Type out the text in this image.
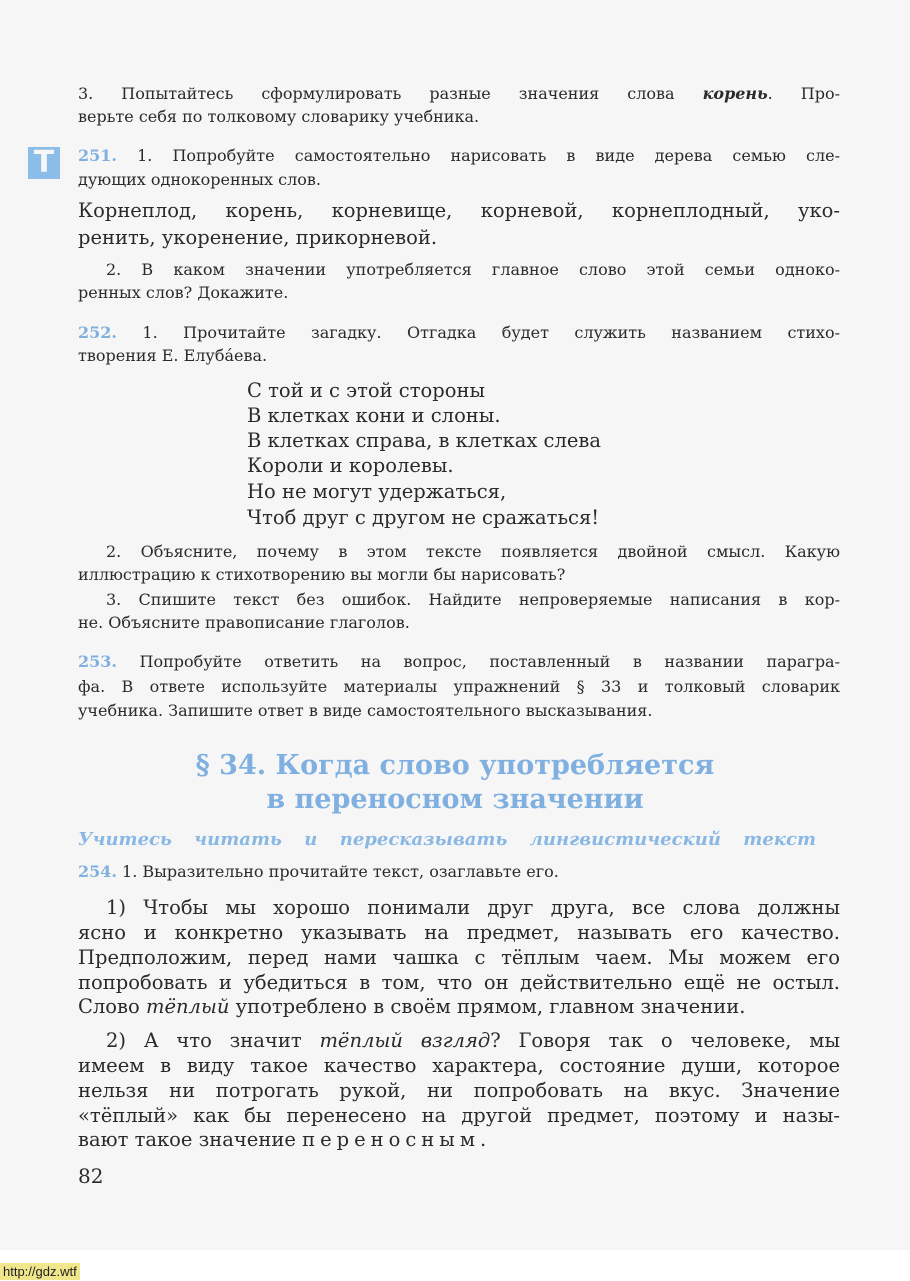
3. Попытайтесь сформулировать разные значения слова корень. Про-
верьте себя по толковому словарику учебника.
Т	251. 1. Попробуйте самостоятельно нарисовать в виде дерева семью сле-
дующих однокоренных слов.
Корнеплод, корень, корневище, корневой, корнеплодный, уко-
ренить, укоренение, прикорневой.
2. В каком значении употребляется главное слово этой семьи однoко-
ренных слов? Докажите.
252. 1. Прочитайте загадку. Отгадка будет служить названием стихо-
творения Е. Елубáева.
С той и с этой стороны
В клетках кони и слоны.
В клетках справа, в клетках слева
Короли и королевы.
Но не могут удержаться,
Чтоб друг с другом не сражаться!
2. Объясните, почему в этом тексте появляется двойной смысл. Какую
иллюстрацию к стихотворению вы могли бы нарисовать?
3. Спишите текст без ошибок. Найдите непроверяемые написания в кор-
не. Объясните правописание глаголов.
253. Попробуйте ответить на вопрос, поставленный в названии парагра-
фа. В ответе используйте материалы упражнений § 33 и толковый словарик
учебника. Запишите ответ в виде самостоятельного высказывания.
§ 34. Когда слово употребляется
в переносном значении
Учитесь читать и пересказывать лингвистический текст
254. 1. Выразительно прочитайте текст, озаглавьте его.
1) Чтобы мы хорошо понимали друг друга, все слова должны
ясно и конкретно указывать на предмет, называть его качество.
Предположим, перед нами чашка с тёплым чаем. Мы можем его
попробовать и убедиться в том, что он действительно ещё не остыл.
Слово тёплый употреблено в своём прямом, главном значении.
2) А что значит тёплый взгляд? Говоря так о человеке, мы
имеем в виду такое качество характера, состояние души, которое
нельзя ни потрогать рукой, ни попробовать на вкус. Значение
«тёплый» как бы перенесено на другой предмет, поэтому и назы-
вают такое значение переносным.
82
http://gdz.wtf
